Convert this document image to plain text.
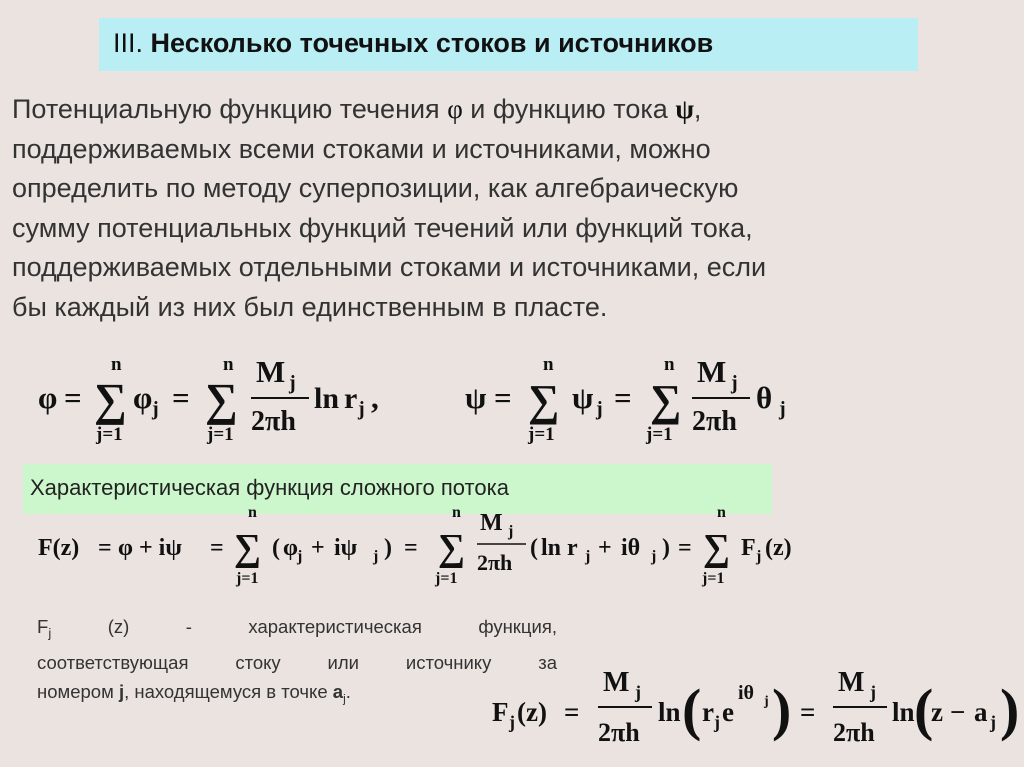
III. Несколько точечных стоков и источников

Потенциальную функцию течения φ и функцию тока ψ,

поддерживаемых всеми стоками и источниками, можно

определить по методу суперпозиции, как алгебраическую

сумму потенциальных функций течений или функций тока,

поддерживаемых отдельными стоками и источниками, если

бы каждый из них был единственным в пласте.

φ =
n
∑
j=1
φ j =
n
∑
j=1
M j
2πh
ln r j ,	ψ =
n
∑
j=1
ψ j =
n
∑
j=1
M j
2πh
θ j
Характеристическая функция сложного потока
F(z) = φ + iψ =
n
∑
j=1
( φ j + iψ j ) =
n
∑
j=1
M j
2πh
( ln r j + iθ j ) =
n
∑
j=1
F j (z)

$F_j$	(z)	-	характеристическая	функция,

соответствующая	стоку	или	источнику	за

номером j, находящемуся в точке $a_j$.

F j (z) =
M j
2πh
ln ( r j e
iθ j ) =
M j
2πh
ln (
z − a j )
